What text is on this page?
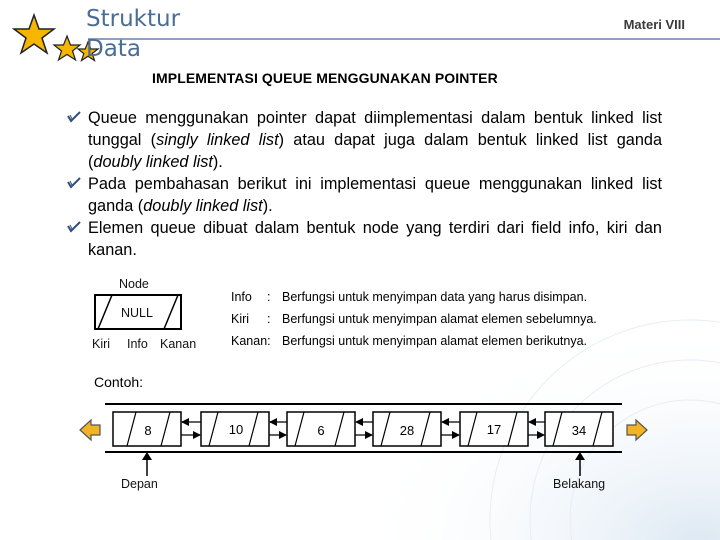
Struktur
Data
Materi VIII
IMPLEMENTASI QUEUE MENGGUNAKAN POINTER
Queue menggunakan pointer dapat diimplementasi dalam bentuk linked list tunggal (singly linked list) atau dapat juga dalam bentuk linked list ganda (doubly linked list).
Pada pembahasan berikut ini implementasi queue menggunakan linked list ganda (doubly linked list).
Elemen queue dibuat dalam bentuk node yang terdiri dari field info, kiri dan kanan.
Node
NULL
Kiri Info Kanan
Info : Berfungsi untuk menyimpan data yang harus disimpan.
Kiri : Berfungsi untuk menyimpan alamat elemen sebelumnya.
Kanan: Berfungsi untuk menyimpan alamat elemen berikutnya.
Contoh:
8	10	6	28	17	34
Depan	Belakang
